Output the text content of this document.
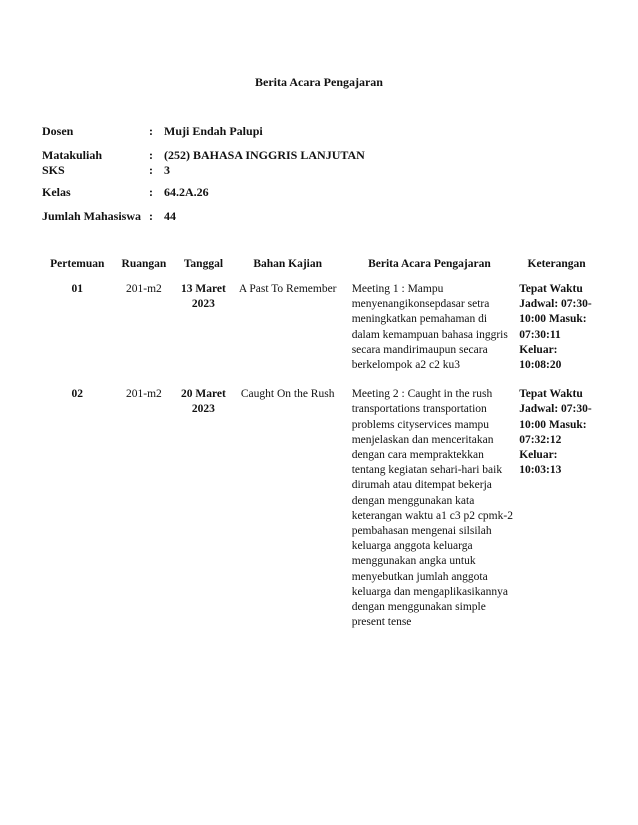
Berita Acara Pengajaran
Dosen	: Muji Endah Palupi
Matakuliah	: (252) BAHASA INGGRIS LANJUTAN
SKS	: 3
Kelas	: 64.2A.26
Jumlah Mahasiswa : 44
Pertemuan	Ruangan	Tanggal	Bahan Kajian	Berita Acara Pengajaran	Keterangan
01	201-m2	13 Maret 2023	A Past To Remember	Meeting 1 : Mampu menyenangikonsepdasar setra meningkatkan pemahaman di dalam kemampuan bahasa inggris secara mandirimaupun secara berkelompok a2 c2 ku3	Tepat Waktu Jadwal: 07:30-10:00 Masuk: 07:30:11 Keluar: 10:08:20
02	201-m2	20 Maret 2023	Caught On the Rush	Meeting 2 : Caught in the rush transportations transportation problems cityservices mampu menjelaskan dan menceritakan dengan cara mempraktekkan tentang kegiatan sehari-hari baik dirumah atau ditempat bekerja dengan menggunakan kata keterangan waktu a1 c3 p2 cpmk-2 pembahasan mengenai silsilah keluarga anggota keluarga menggunakan angka untuk menyebutkan jumlah anggota keluarga dan mengaplikasikannya dengan menggunakan simple present tense	Tepat Waktu Jadwal: 07:30-10:00 Masuk: 07:32:12 Keluar: 10:03:13
